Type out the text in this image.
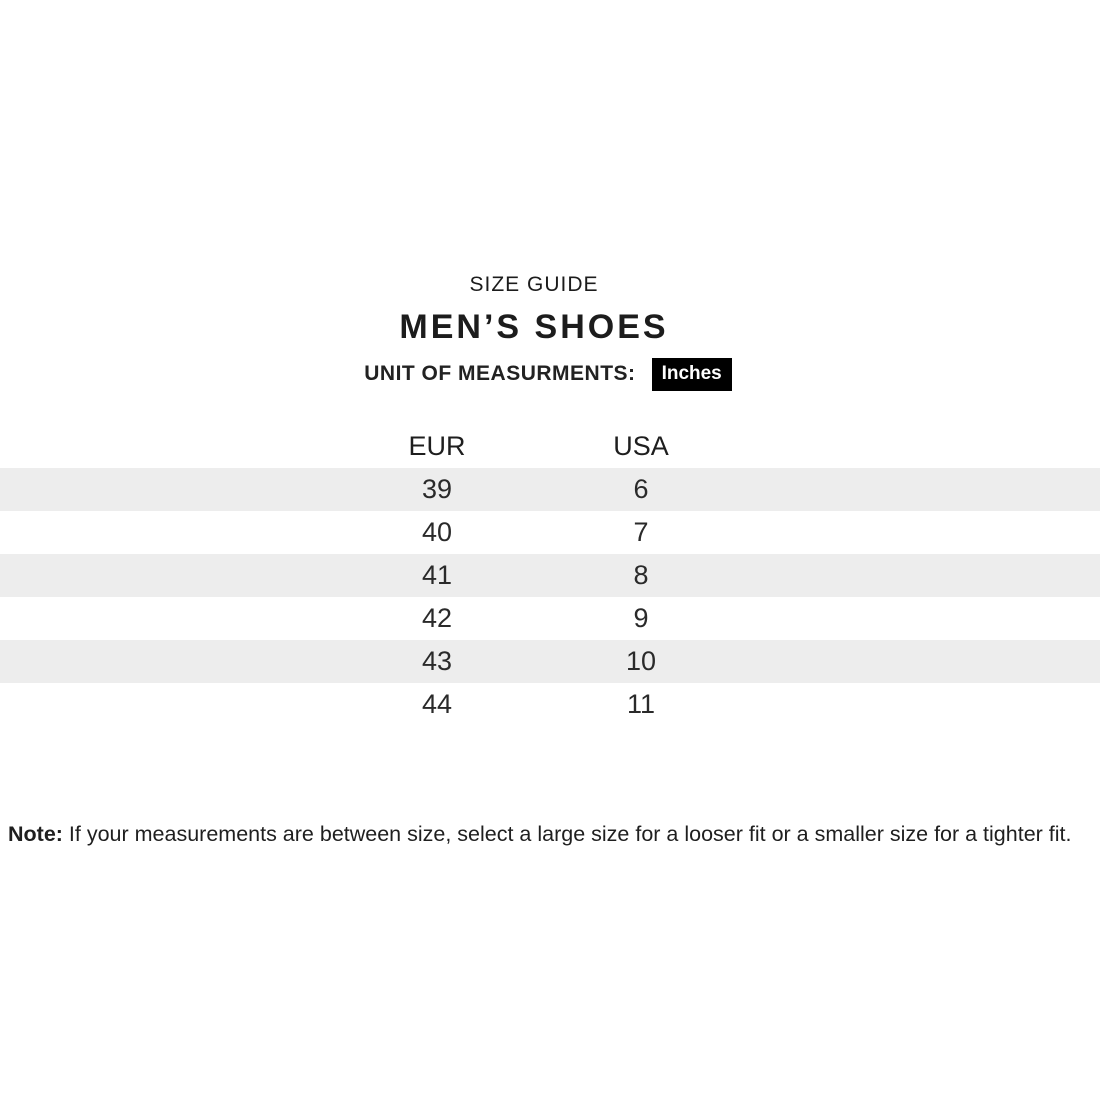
SIZE GUIDE
MEN’S SHOES
UNIT OF MEASURMENTS:	Inches
EUR	USA
39	6
40	7
41	8
42	9
43	10
44	11
Note: If your measurements are between size, select a large size for a looser fit or a smaller size for a tighter fit.
